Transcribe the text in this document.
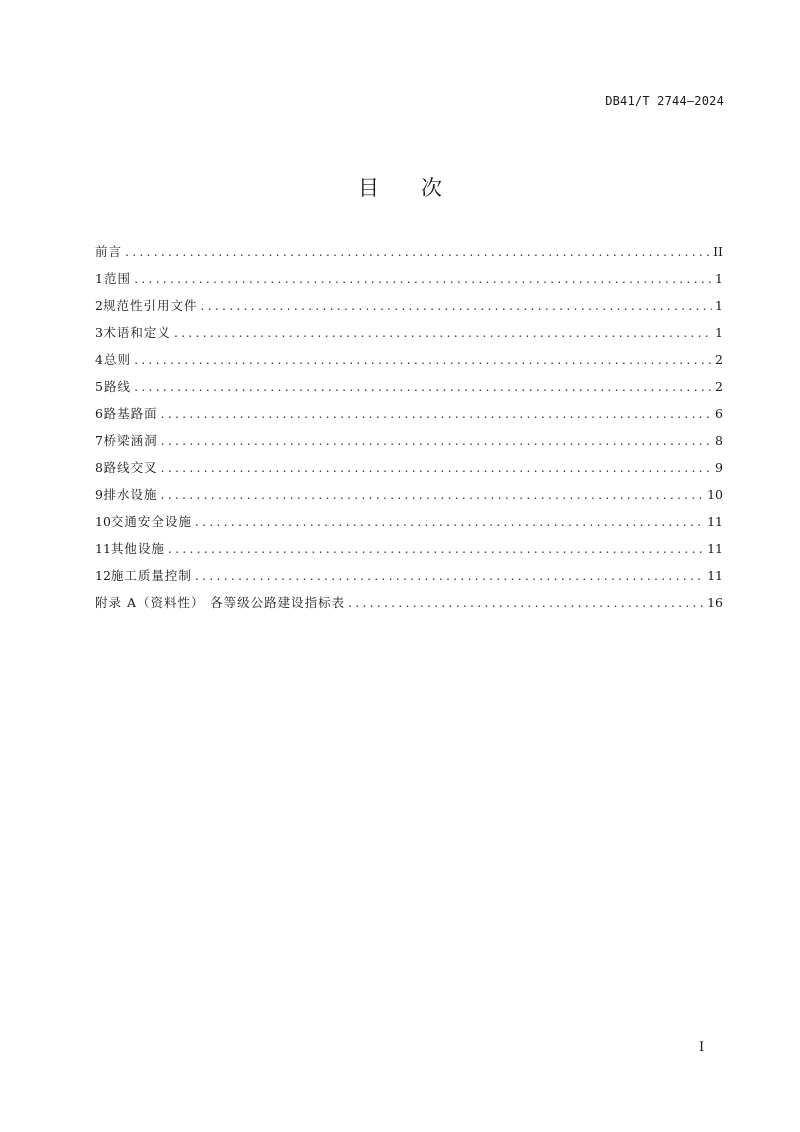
DB41/T 2744—2024
目 次
前言 .....	II
1 范围 .....	1
2 规范性引用文件 .....	1
3 术语和定义 .....	1
4 总则 .....	2
5 路线 .....	2
6 路基路面 .....	6
7 桥梁涵洞 .....	8
8 路线交叉 .....	9
9 排水设施 .....	10
10 交通安全设施 .....	11
11 其他设施 .....	11
12 施工质量控制 .....	11
附录 A（资料性） 各等级公路建设指标表 .....	16
I
